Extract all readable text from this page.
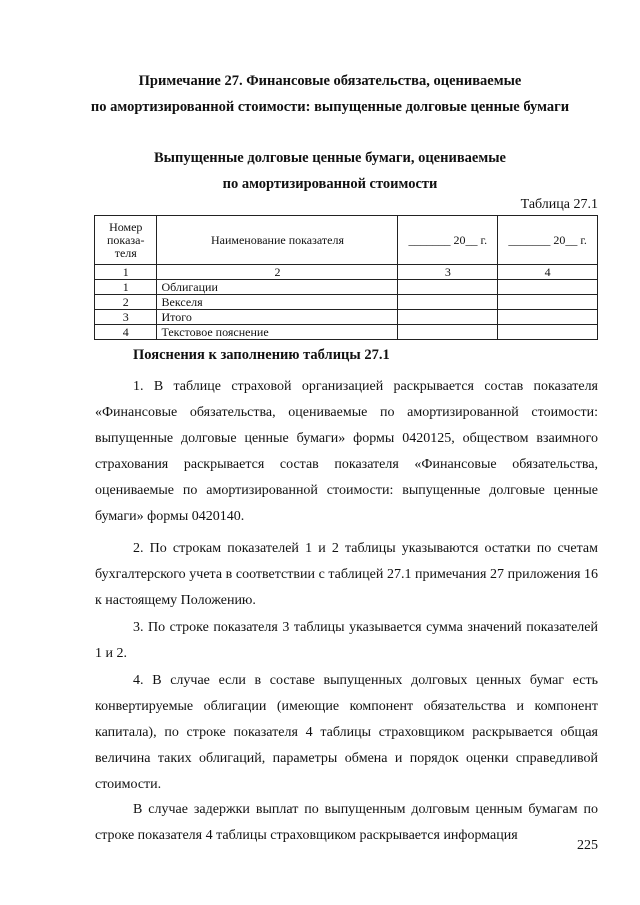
Примечание 27. Финансовые обязательства, оцениваемые
по амортизированной стоимости: выпущенные долговые ценные бумаги
Выпущенные долговые ценные бумаги, оцениваемые
по амортизированной стоимости
Таблица 27.1
Номер показа-теля	Наименование показателя	_______ 20__ г.	_______ 20__ г.
1	2	3	4
1	Облигации		
2	Векселя		
3	Итого		
4	Текстовое пояснение		
Пояснения к заполнению таблицы 27.1
1. В таблице страховой организацией раскрывается состав показателя «Финансовые обязательства, оцениваемые по амортизированной стоимости: выпущенные долговые ценные бумаги» формы 0420125, обществом взаимного страхования раскрывается состав показателя «Финансовые обязательства, оцениваемые по амортизированной стоимости: выпущенные долговые ценные бумаги» формы 0420140.
2. По строкам показателей 1 и 2 таблицы указываются остатки по счетам бухгалтерского учета в соответствии с таблицей 27.1 примечания 27 приложения 16 к настоящему Положению.
3. По строке показателя 3 таблицы указывается сумма значений показателей 1 и 2.
4. В случае если в составе выпущенных долговых ценных бумаг есть конвертируемые облигации (имеющие компонент обязательства и компонент капитала), по строке показателя 4 таблицы страховщиком раскрывается общая величина таких облигаций, параметры обмена и порядок оценки справедливой стоимости.
В случае задержки выплат по выпущенным долговым ценным бумагам по строке показателя 4 таблицы страховщиком раскрывается информация
225
